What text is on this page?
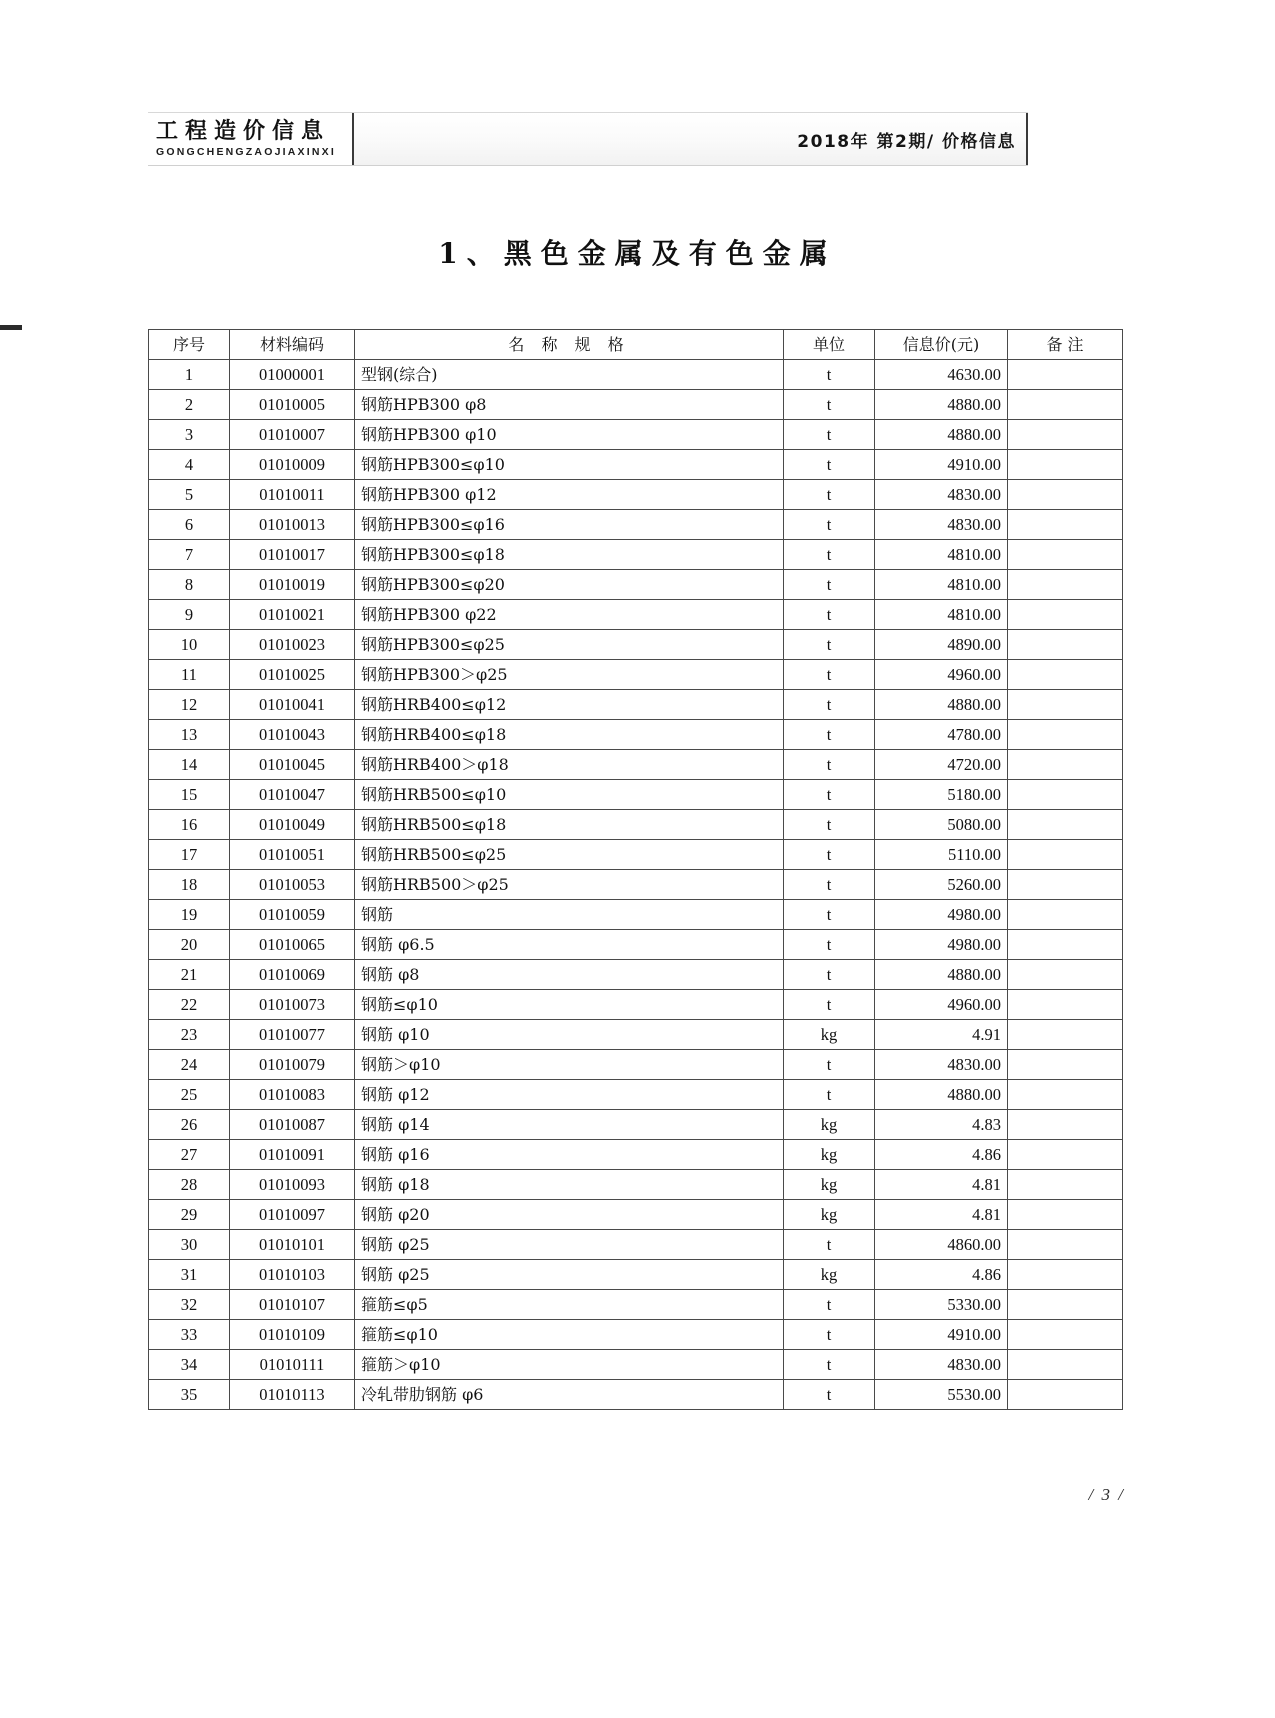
工程造价信息
GONGCHENGZAOJIAXINXI
2018年 第2期/ 价格信息
1、黑色金属及有色金属
序号	材料编码	名 称 规 格	单位	信息价(元)	备 注
1	01000001	型钢(综合)	t	4630.00	
2	01010005	钢筋HPB300 φ8	t	4880.00	
3	01010007	钢筋HPB300 φ10	t	4880.00	
4	01010009	钢筋HPB300≤φ10	t	4910.00	
5	01010011	钢筋HPB300 φ12	t	4830.00	
6	01010013	钢筋HPB300≤φ16	t	4830.00	
7	01010017	钢筋HPB300≤φ18	t	4810.00	
8	01010019	钢筋HPB300≤φ20	t	4810.00	
9	01010021	钢筋HPB300 φ22	t	4810.00	
10	01010023	钢筋HPB300≤φ25	t	4890.00	
11	01010025	钢筋HPB300＞φ25	t	4960.00	
12	01010041	钢筋HRB400≤φ12	t	4880.00	
13	01010043	钢筋HRB400≤φ18	t	4780.00	
14	01010045	钢筋HRB400＞φ18	t	4720.00	
15	01010047	钢筋HRB500≤φ10	t	5180.00	
16	01010049	钢筋HRB500≤φ18	t	5080.00	
17	01010051	钢筋HRB500≤φ25	t	5110.00	
18	01010053	钢筋HRB500＞φ25	t	5260.00	
19	01010059	钢筋	t	4980.00	
20	01010065	钢筋 φ6.5	t	4980.00	
21	01010069	钢筋 φ8	t	4880.00	
22	01010073	钢筋≤φ10	t	4960.00	
23	01010077	钢筋 φ10	kg	4.91	
24	01010079	钢筋＞φ10	t	4830.00	
25	01010083	钢筋 φ12	t	4880.00	
26	01010087	钢筋 φ14	kg	4.83	
27	01010091	钢筋 φ16	kg	4.86	
28	01010093	钢筋 φ18	kg	4.81	
29	01010097	钢筋 φ20	kg	4.81	
30	01010101	钢筋 φ25	t	4860.00	
31	01010103	钢筋 φ25	kg	4.86	
32	01010107	箍筋≤φ5	t	5330.00	
33	01010109	箍筋≤φ10	t	4910.00	
34	01010111	箍筋＞φ10	t	4830.00	
35	01010113	冷轧带肋钢筋 φ6	t	5530.00	
/ 3 /
